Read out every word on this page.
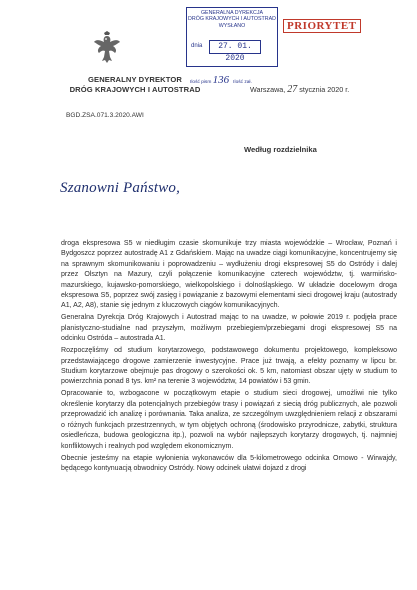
GENERALNY DYREKTOR
DRÓG KRAJOWYCH I AUTOSTRAD
GENERALNA DYREKCJA
DRÓG KRAJOWYCH I AUTOSTRAD
WYSŁANO
dnia	27. 01. 2020
PRIORYTET
Ilość pism 136 Ilość zał.
Warszawa, 27 stycznia 2020 r.
BGD.ZSA.071.3.2020.AWI
Według rozdzielnika
Szanowni Państwo,

droga ekspresowa S5 w niedługim czasie skomunikuje trzy miasta wojewódzkie – Wrocław, Poznań i Bydgoszcz poprzez autostradę A1 z Gdańskiem. Mając na uwadze ciągi komunikacyjne, koncentrujemy się na sprawnym skomunikowaniu i poprowadzeniu – wydłużeniu drogi ekspresowej S5 do Ostródy i dalej przez Olsztyn na Mazury, czyli połączenie komunikacyjne czterech województw, tj. warmińsko-mazurskiego, kujawsko-pomorskiego, wielkopolskiego i dolnośląskiego. W układzie docelowym droga ekspresowa S5, poprzez swój zasięg i powiązanie z bazowymi elementami sieci drogowej kraju (autostrady A1, A2, A8), stanie się jednym z kluczowych ciągów komunikacyjnych.

Generalna Dyrekcja Dróg Krajowych i Autostrad mając to na uwadze, w połowie 2019 r. podjęła prace planistyczno-studialne nad przyszłym, możliwym przebiegiem/przebiegami drogi ekspresowej S5 na odcinku Ostróda – autostrada A1.

Rozpoczęliśmy od studium korytarzowego, podstawowego dokumentu projektowego, kompleksowo przedstawiającego drogowe zamierzenie inwestycyjne. Prace już trwają, a efekty poznamy w lipcu br. Studium korytarzowe obejmuje pas drogowy o szerokości ok. 5 km, natomiast obszar ujęty w studium to powierzchnia ponad 8 tys. km² na terenie 3 województw, 14 powiatów i 53 gmin.

Opracowanie to, wzbogacone w początkowym etapie o studium sieci drogowej, umożliwi nie tylko określenie korytarzy dla potencjalnych przebiegów trasy i powiązań z siecią dróg publicznych, ale pozwoli przeprowadzić ich analizę i porównania. Taka analiza, ze szczególnym uwzględnieniem relacji z obszarami o różnych funkcjach przestrzennych, w tym objętych ochroną (środowisko przyrodnicze, zabytki, struktura osiedleńcza, budowa geologiczna itp.), pozwoli na wybór najlepszych korytarzy drogowych, tj. najmniej konfliktowych i realnych pod względem ekonomicznym.

Obecnie jesteśmy na etapie wyłonienia wykonawców dla 5-kilometrowego odcinka Ornowo - Wirwajdy, będącego kontynuacją obwodnicy Ostródy. Nowy odcinek ułatwi dojazd z drogi
